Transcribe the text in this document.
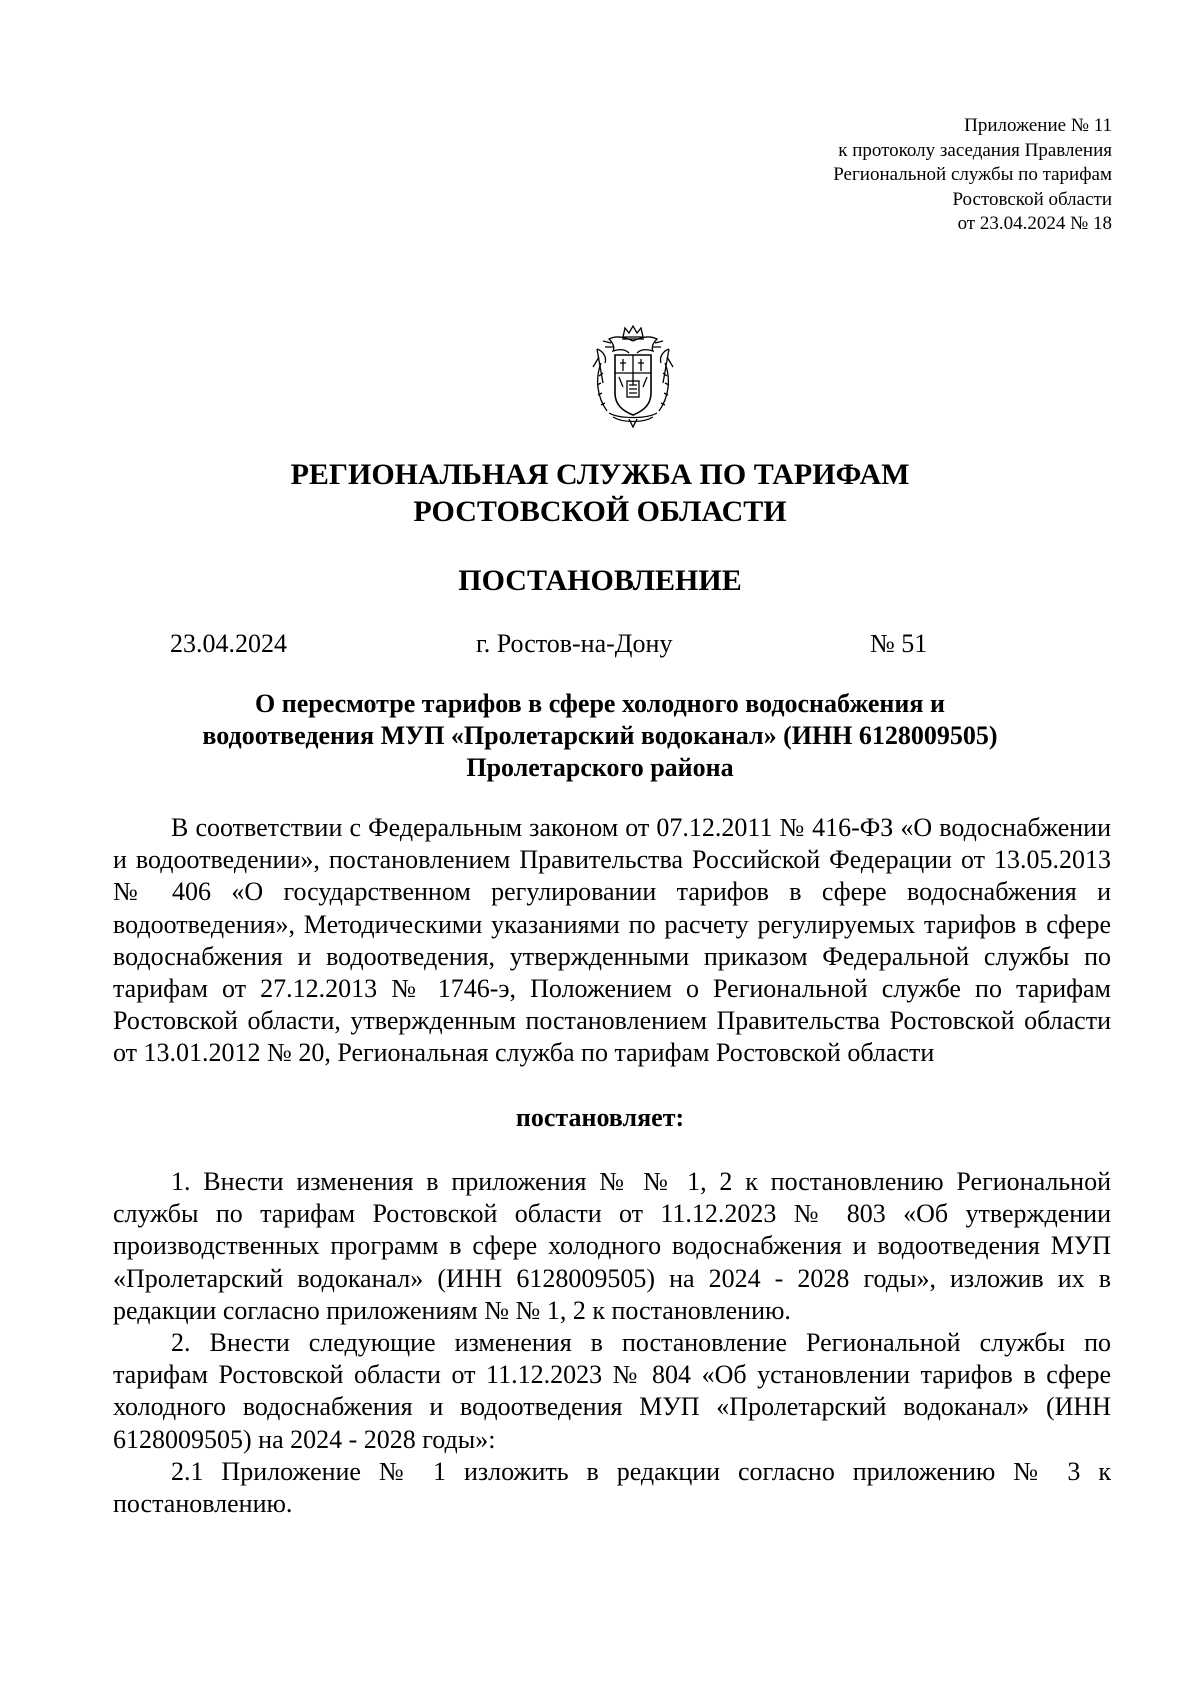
Приложение № 11
к протоколу заседания Правления
Региональной службы по тарифам
Ростовской области
от 23.04.2024 № 18
РЕГИОНАЛЬНАЯ СЛУЖБА ПО ТАРИФАМ
РОСТОВСКОЙ ОБЛАСТИ
ПОСТАНОВЛЕНИЕ
23.04.2024	г. Ростов-на-Дону	№ 51
О пересмотре тарифов в сфере холодного водоснабжения и
водоотведения МУП «Пролетарский водоканал» (ИНН 6128009505)
Пролетарского района

В соответствии с Федеральным законом от 07.12.2011 № 416-ФЗ «О водоснабжении и водоотведении», постановлением Правительства Российской Федерации от 13.05.2013 № 406 «О государственном регулировании тарифов в сфере водоснабжения и водоотведения», Методическими указаниями по расчету регулируемых тарифов в сфере водоснабжения и водоотведения, утвержденными приказом Федеральной службы по тарифам от 27.12.2013 № 1746-э, Положением о Региональной службе по тарифам Ростовской области, утвержденным постановлением Правительства Ростовской области от 13.01.2012 № 20, Региональная служба по тарифам Ростовской области

постановляет:

1. Внести изменения в приложения № № 1, 2 к постановлению Региональной службы по тарифам Ростовской области от 11.12.2023 № 803 «Об утверждении производственных программ в сфере холодного водоснабжения и водоотведения МУП «Пролетарский водоканал» (ИНН 6128009505) на 2024 - 2028 годы», изложив их в редакции согласно приложениям № № 1, 2 к постановлению.

2. Внести следующие изменения в постановление Региональной службы по тарифам Ростовской области от 11.12.2023 № 804 «Об установлении тарифов в сфере холодного водоснабжения и водоотведения МУП «Пролетарский водоканал» (ИНН 6128009505) на 2024 - 2028 годы»:

2.1 Приложение № 1 изложить в редакции согласно приложению № 3 к постановлению.
